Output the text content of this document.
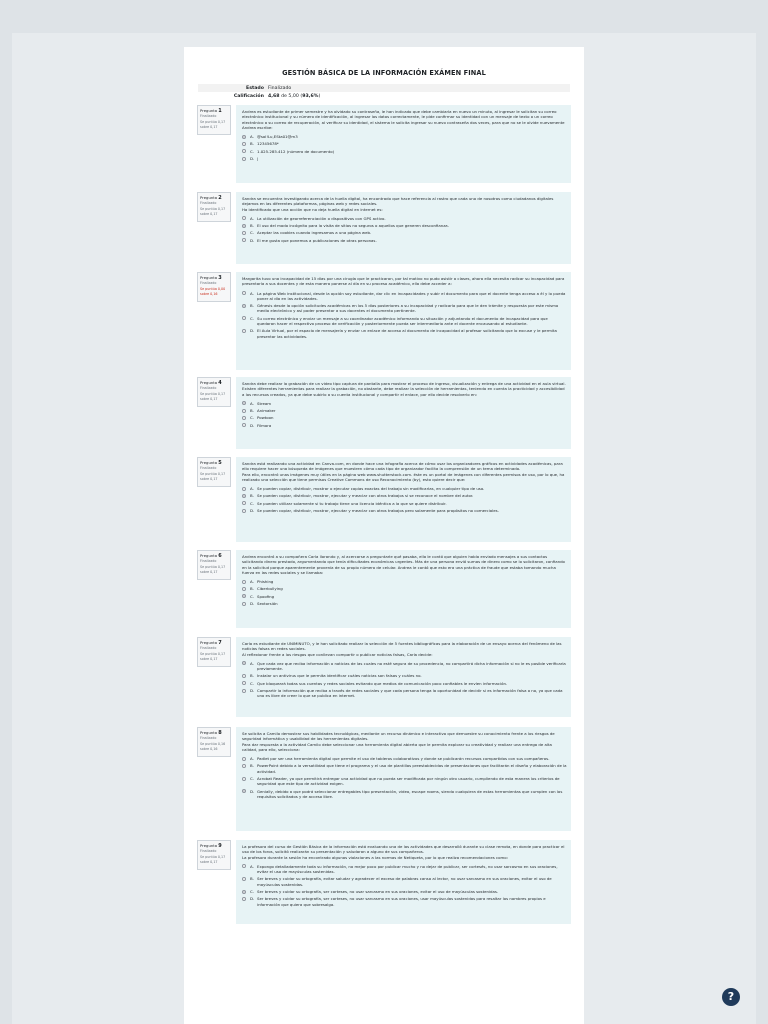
GESTIÓN BÁSICA DE LA INFORMACIÓN EXÁMEN FINAL
Estado Finalizado
Calificación 4,68 de 5,00 (93,6%)
Pregunta 1
Finalizado
Se puntúa 0,17
sobre 0,17

Andrea es estudiante de primer semestre y ha olvidado su contraseña, le han indicado que debe cambiarla en nuevo un minuto, al ingresar le solicitan su correo electrónico institucional y su número de identificación, al ingresar los datos correctamente, le pide confirmar su identidad con un mensaje de texto o un correo electrónico a su correo de recuperación, al verificar su identidad, el sistema le solicita ingresar su nuevo contraseña dos veces, para que no se le olvide nuevamente Andrea escribe:

A. @sol!Lu,ESta01@m3
B. 12345678*
C. 1.025.285.412 (número de documento)
D. |
Pregunta 2
Finalizado
Se puntúa 0,17
sobre 0,17

Sandra se encuentra investigando acerca de la huella digital, ha encontrado que hace referencia al rastro que cada uno de nosotros como ciudadanos digitales dejamos en las diferentes plataformas, páginas web y redes sociales.

Ha identificado que una acción que no deja huella digital en internet es:

A. La utilización de georreferenciación o dispositivos con GPS activo.
B. El uso del modo incógnito para la visita de sitios no seguros o aquellos que generen desconfianza.
C. Aceptar las cookies cuando ingresamos a una página web.
D. El me gusta que ponemos a publicaciones de otras personas.
Pregunta 3
Finalizado
Se puntúa 0,00
sobre 0,16

Margarita tuvo una incapacidad de 15 días por una cirugía que le practicaron, por tal motivo no pudo asistir a clases, ahora ella necesita radicar su incapacidad para presentarla a sus docentes y de esta manera ponerse al día en su proceso académico, ella debe acceder a:

A. La página Web institucional, desde la opción soy estudiante, dar clic en incapacidades y subir el documento para que el docente tenga acceso a él y lo pueda poner al día en las actividades.
B. Génesis desde la opción solicitudes académicas en los 5 días posteriores a su incapacidad y radicarla para que le den trámite y respuesta por este mismo medio electrónico y así poder presentar a sus docentes el documento pertinente.
C. Su correo electrónico y enviar un mensaje a su coordinador académico informando su situación y adjuntando el documento de incapacidad para que quedaran hacer el respectivo proceso de verificación y posteriormente pueda ser intermediario ante el docente encausando al estudiante.
D. El Aula Virtual, por el espacio de mensajería y enviar un enlace de acceso al documento de incapacidad al profesor solicitando que lo excuse y le permita presentar las actividades.
Pregunta 4
Finalizado
Se puntúa 0,17
sobre 0,17

Sandra debe realizar la grabación de un video tipo captura de pantalla para mostrar el proceso de ingreso, visualización y entrega de una actividad en el aula virtual. Existen diferentes herramientas para realizar la grabación, no obstante, debe realizar la selección de herramientas, teniendo en cuenta la practicidad y accesibilidad a los recursos creados, ya que debe subirlo a su cuenta institucional y compartir el enlace, por ello decide resolverlo en:

A. Stream
B. Animaker
C. Powtoon
D. Filmora
Pregunta 5
Finalizado
Se puntúa 0,17
sobre 0,17

Sandra está realizando una actividad en Canva.com, en donde hace una infografía acerca de cómo usar los organizadores gráficos en actividades académicas, para ello requiere hacer una búsqueda de imágenes que muestren cómo cada tipo de organizador facilita la comprensión de un tema determinado.

Para ello, encontró unas imágenes muy útiles en la página web www.shutterstock.com. éste es un portal de imágenes con diferentes permisos de uso, por lo que, ha realizado una selección que tiene permisos Creative Commons de uso Reconocimiento (by), esto quiere decir que:

A. Se pueden copiar, distribuir, mostrar o ejecutar copias exactas del trabajo sin modificarlas, en cualquier tipo de uso.
B. Se pueden copiar, distribuir, mostrar, ejecutar y mezclar con otros trabajos si se reconoce el nombre del autor.
C. Se pueden utilizar solamente si tu trabajo tiene una licencia idéntica a la que se quiere distribuir.
D. Se pueden copiar, distribuir, mostrar, ejecutar y mezclar con otros trabajos pero solamente para propósitos no comerciales.
Pregunta 6
Finalizado
Se puntúa 0,17
sobre 0,17

Andrea encontró a su compañera Carla llorando y, al acercarse a preguntarle qué pasaba, ella le contó que alguien había enviado mensajes a sus contactos solicitando dinero prestado, argumentando que tenía dificultades económicas urgentes. Más de una persona envió sumas de dinero como se lo solicitaron, confiando en la solicitud porque aparentemente provenía de su propio número de celular. Andrea le contó que esto era una práctica de fraude que estaba tomando mucha fuerza en las redes sociales y se llamaba:

A. Phishing
B. Ciberbullying
C. Spoofing
D. Sextorsión
Pregunta 7
Finalizado
Se puntúa 0,17
sobre 0,17

Carla es estudiante de UNIMINUTO, y le han solicitado realizar la selección de 5 fuentes bibliográficas para la elaboración de un ensayo acerca del fenómeno de las noticias falsas en redes sociales.

Al reflexionar frente a los riesgos que conllevan compartir o publicar noticias falsas, Carla decide:

A. Que cada vez que reciba información o noticias de las cuales no esté segura de su procedencia, no compartirá dicha información si no le es posible verificarla previamente.
B. Instalar un antivirus que le permita identificar cuáles noticias son falsas y cuáles no.
C. Que bloqueará todas sus cuentas y redes sociales evitando que medios de comunicación poco confiables le envíen información.
D. Compartir la información que reciba a través de redes sociales y que cada persona tenga la oportunidad de decidir si es información falsa o no, ya que cada uno es libre de creer lo que se publica en internet.
Pregunta 8
Finalizado
Se puntúa 0,16
sobre 0,16

Se solicita a Camilo demostrar sus habilidades tecnológicas, mediante un recurso dinámico e interactivo que demuestre su conocimiento frente a los riesgos de seguridad informática y usabilidad de las herramientas digitales.

Para dar respuesta a la actividad Camilo debe seleccionar una herramienta digital abierta que le permita explorar su creatividad y realizar una entrega de alta calidad, para ello, selecciona:

A. Padlet por ser una herramienta digital que permite el uso de tableros colaborativos y donde se publicarán recursos compartidos con sus compañeros.
B. PowerPoint debido a la versatilidad que tiene el programa y el uso de plantillas preestablecidas de presentaciones que facilitarán el diseño y elaboración de la actividad.
C. Acrobat Reader, ya que permitirá entregar una actividad que no pueda ser modificada por ningún otro usuario, cumpliendo de esta manera los criterios de seguridad que este tipo de actividad exigen.
D. Genially, debido a que podrá seleccionar entregables tipo presentación, video, escape rooms, siendo cualquiera de estas herramientas que cumplen con los requisitos solicitados y de acceso libre.
Pregunta 9
Finalizado
Se puntúa 0,17
sobre 0,17

La profesora del curso de Gestión Básica de la información está evaluando una de las actividades que desarrolló durante su clase remota, en donde para practicar el uso de los foros, solicitó realizarán su presentación y saludaran a alguno de sus compañeros.

La profesora durante la sesión ha encontrado algunas violaciones a las normas de Netiqueta, por lo que realiza recomendaciones como:

A. Expongo detalladamente toda su información, no mejor poco por publicar mucho y no dejar de publicar, ser cortesés, no usar sarcasmo en sus oraciones, evitar el uso de mayúsculas sostenidas.
B. Ser breves y cuidar su ortografía, evitar saludar y agradecer el exceso de palabras cansa al lector, no usar sarcasmo en sus oraciones, evitar el uso de mayúsculas sostenidas.
C. Ser breves y cuidar su ortografía, ser corteses, no usar sarcasmo en sus oraciones, evitar el uso de mayúsculas sostenidas.
D. Ser breves y cuidar su ortografía, ser corteses, no usar sarcasmo en sus oraciones, usar mayúsculas sostenidas para resaltar los nombres propios e información que quiera que sobresalga.
?
